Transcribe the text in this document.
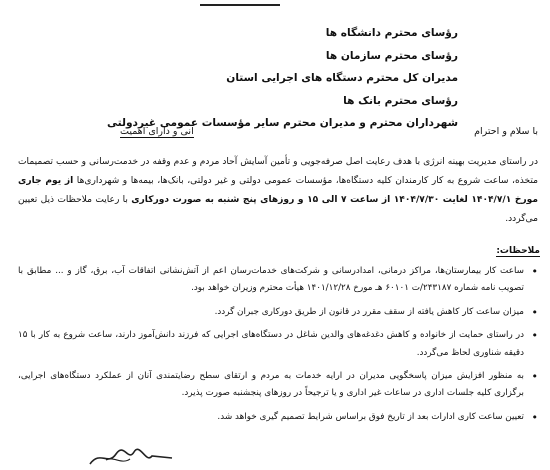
رؤسای محترم دانشگاه ها
رؤسای محترم سازمان ها
مدیران کل محترم دستگاه های اجرایی استان
رؤسای محترم بانک ها
شهرداران محترم و مدیران محترم سایر مؤسسات عمومی غیردولتی
با سلام و احترام
آنی و دارای اهمیت
در راستای مدیریت بهینه انرژی با هدف رعایت اصل صرفه‌جویی و تأمین آسایش آحاد مردم و عدم وقفه در خدمت‌رسانی و حسب تصمیمات متخذه، ساعت شروع به کار کارمندان کلیه دستگاه‌ها، مؤسسات عمومی دولتی و غیر دولتی، بانک‌ها، بیمه‌ها و شهرداری‌ها از یوم جاری مورخ ۱۴۰۴/۷/۱ لغایت ۱۴۰۴/۷/۳۰ از ساعت ۷ الی ۱۵ و روزهای پنج شنبه به صورت دورکاری با رعایت ملاحظات ذیل تعیین می‌گردد.
ملاحظات:
•
ساعت کار بیمارستان‌ها، مراکز درمانی، امدادرسانی و شرکت‌های خدمات‌رسان اعم از آتش‌نشانی اتفاقات آب، برق، گاز و ... مطابق با تصویب نامه شماره ۲۴۳۱۸۷/ت ۶۰۱۰۱ هـ مورخ ۱۴۰۱/۱۲/۲۸ هیأت محترم وزیران خواهد بود.
•
میزان ساعت کار کاهش یافته از سقف مقرر در قانون از طریق دورکاری جبران گردد.
•
در راستای حمایت از خانواده و کاهش دغدغه‌های والدین شاغل در دستگاه‌های اجرایی که فرزند دانش‌آموز دارند، ساعت شروع به کار با ۱۵ دقیقه شناوری لحاظ می‌گردد.
•
به منظور افزایش میزان پاسخگویی مدیران در ارایه خدمات به مردم و ارتقای سطح رضایتمندی آنان از عملکرد دستگاه‌های اجرایی، برگزاری کلیه جلسات اداری در ساعات غیر اداری و یا ترجیحاً در روزهای پنجشنبه صورت پذیرد.
•
تعیین ساعت کاری ادارات بعد از تاریخ فوق براساس شرایط تصمیم گیری خواهد شد.
